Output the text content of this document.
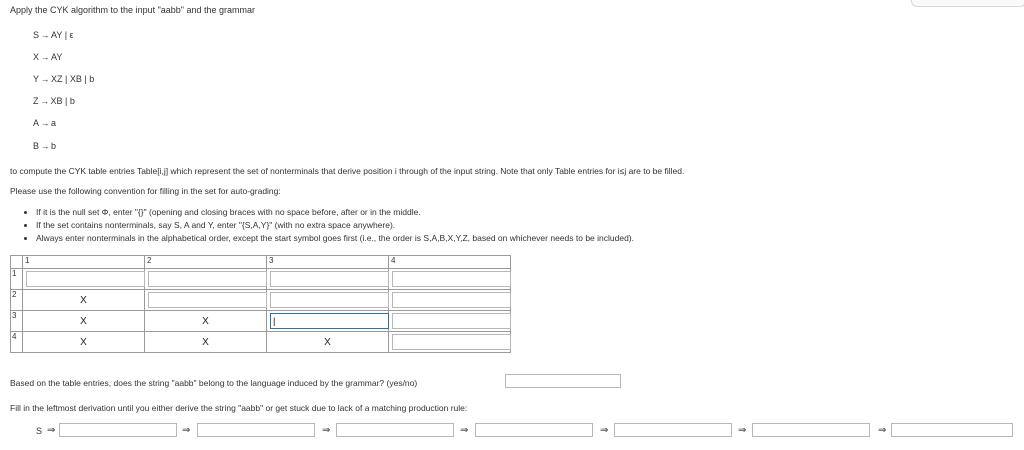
Apply the CYK algorithm to the input "aabb" and the grammar
S → AY | ε
X → AY
Y → XZ | XB | b
Z → XB | b
A → a
B → b
to compute the CYK table entries Table[i,j] which represent the set of nonterminals that derive position i through of the input string. Note that only Table entries for i≤j are to be filled.
Please use the following convention for filling in the set for auto-grading:
• If it is the null set Φ, enter "{}" (opening and closing braces with no space before, after or in the middle.
• If the set contains nonterminals, say S, A and Y, enter "{S,A,Y}" (with no extra space anywhere).
• Always enter nonterminals in the alphabetical order, except the start symbol goes first (i.e., the order is S,A,B,X,Y,Z, based on whichever needs to be included).
	1	2	3	4
1	

2	X

3	X	X

|	

4	X	X	X

Based on the table entries, does the string "aabb" belong to the language induced by the grammar? (yes/no)
Fill in the leftmost derivation until you either derive the string "aabb" or get stuck due to lack of a matching production rule:
S ⇒	⇒	⇒	⇒	⇒	⇒	⇒
